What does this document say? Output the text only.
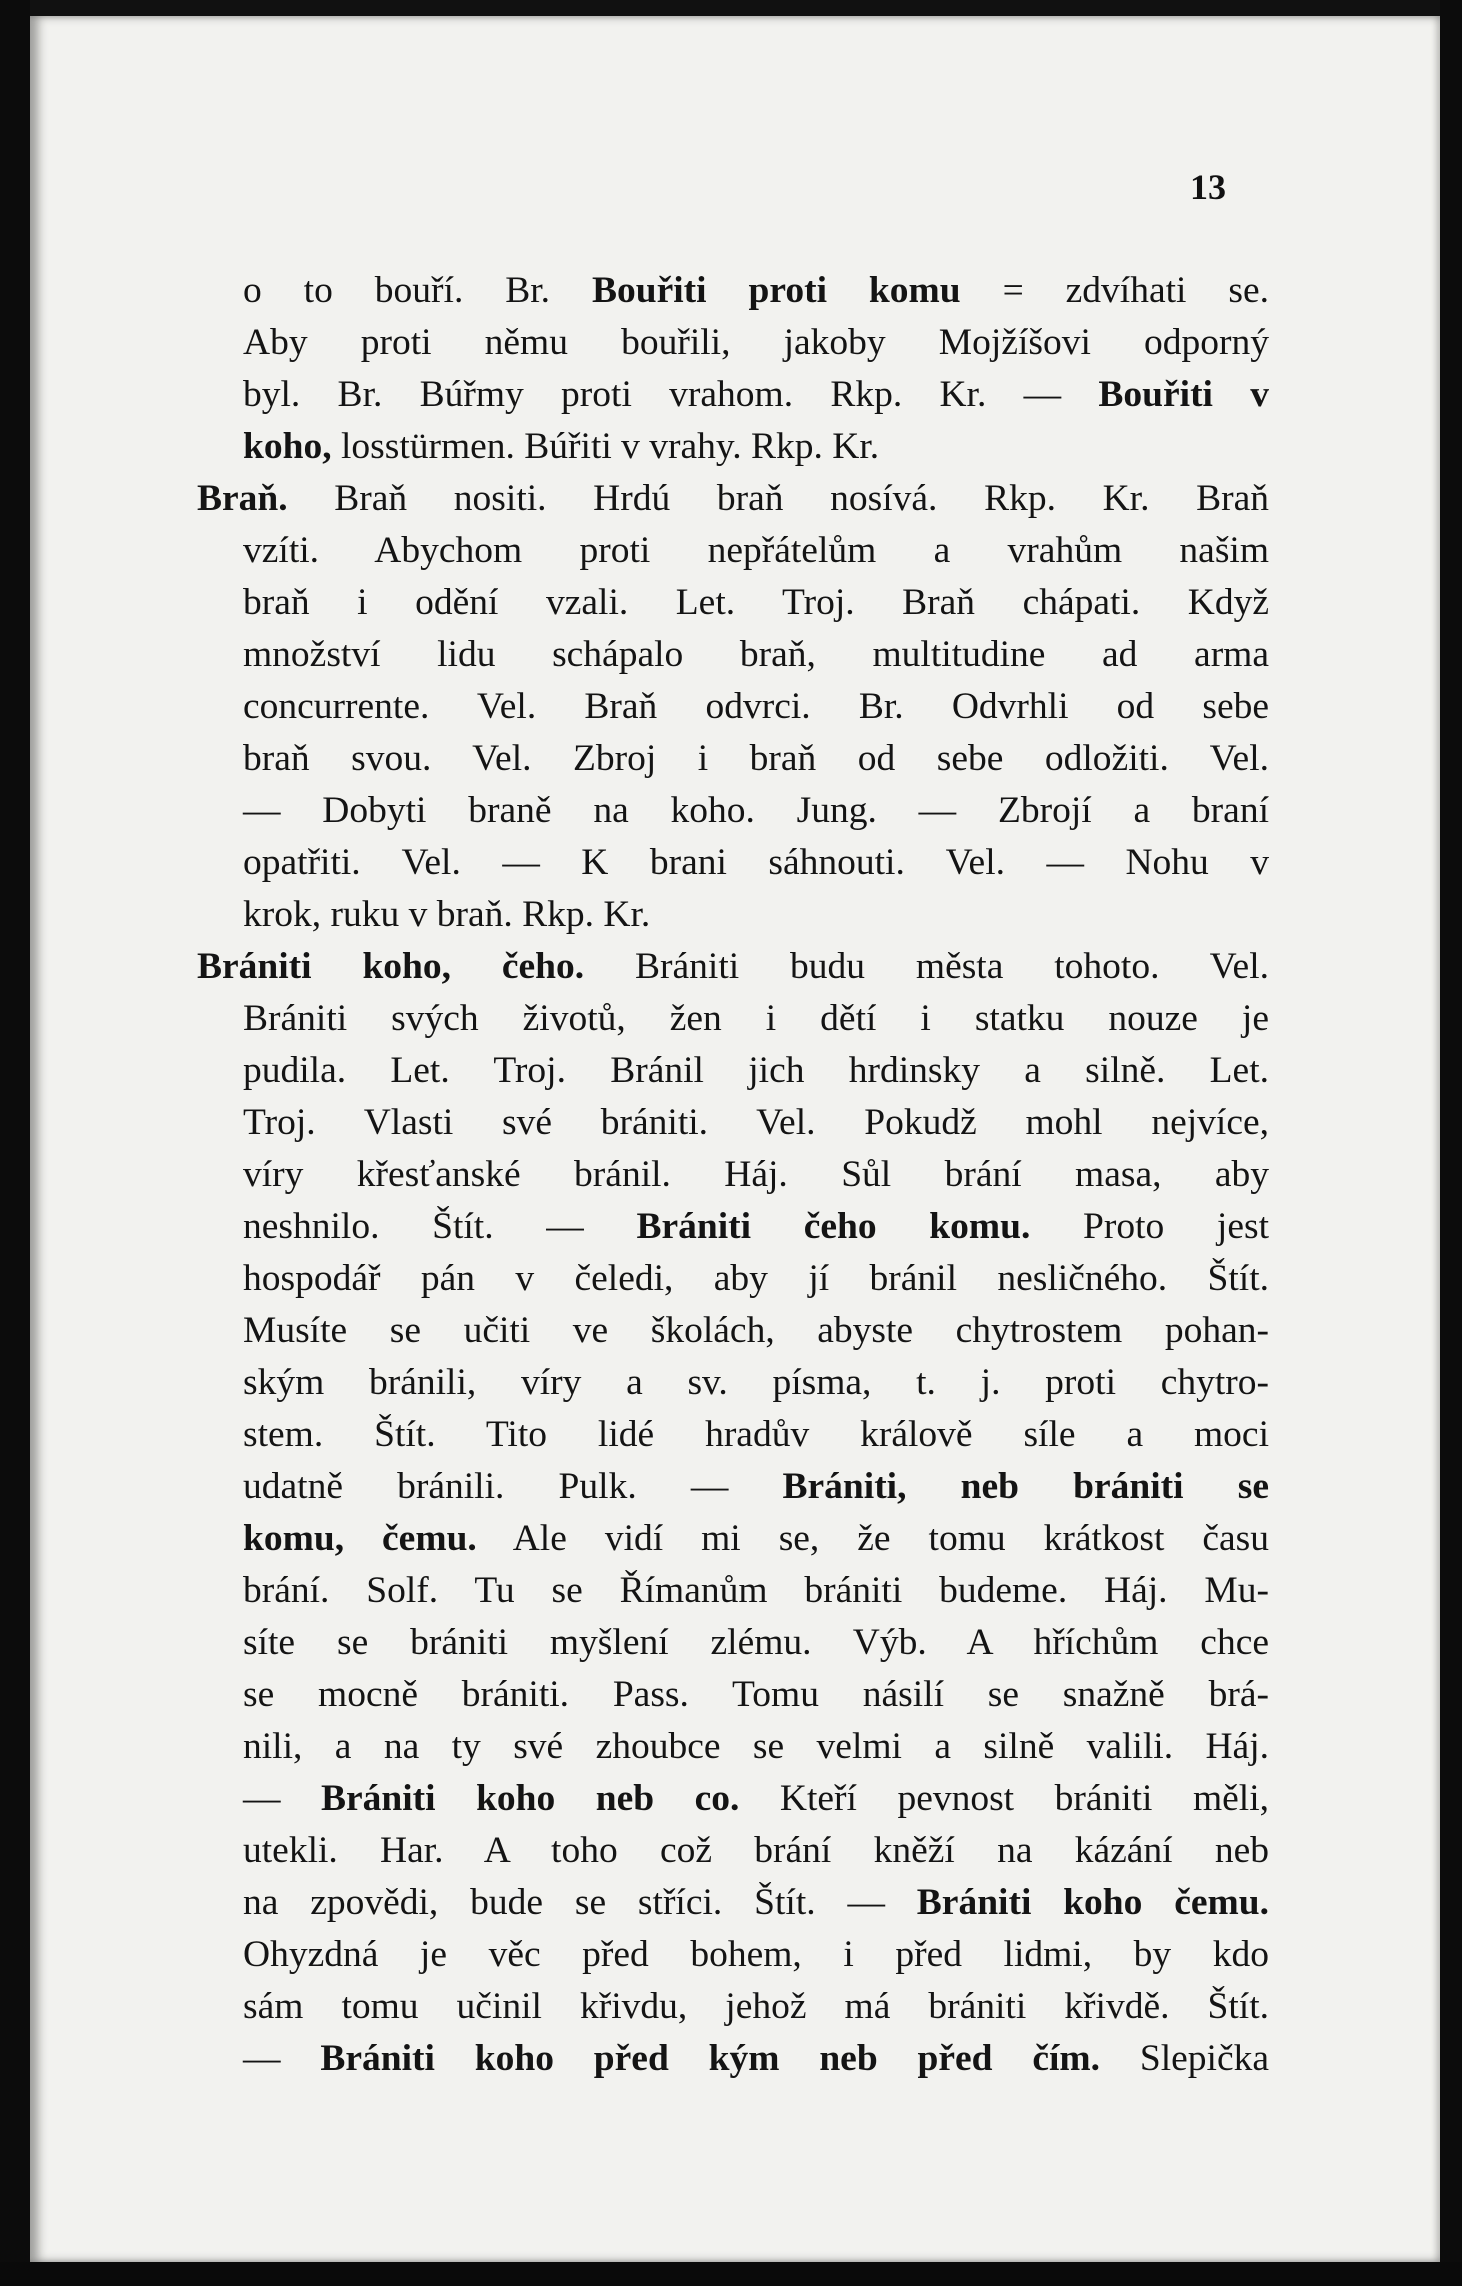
13
o to bouří. Br. Bouřiti proti komu = zdvíhati se.
Aby proti němu bouřili, jakoby Mojžíšovi odporný
byl. Br. Búřmy proti vrahom. Rkp. Kr. — Bouřiti v
koho, losstürmen. Búřiti v vrahy. Rkp. Kr.
Braň. Braň nositi. Hrdú braň nosívá. Rkp. Kr. Braň
vzíti. Abychom proti nepřátelům a vrahům našim
braň i odění vzali. Let. Troj. Braň chápati. Když
množství lidu schápalo braň, multitudine ad arma
concurrente. Vel. Braň odvrci. Br. Odvrhli od sebe
braň svou. Vel. Zbroj i braň od sebe odložiti. Vel.
— Dobyti braně na koho. Jung. — Zbrojí a braní
opatřiti. Vel. — K brani sáhnouti. Vel. — Nohu v
krok, ruku v braň. Rkp. Kr.
Brániti koho, čeho. Brániti budu města tohoto. Vel.
Brániti svých životů, žen i dětí i statku nouze je
pudila. Let. Troj. Bránil jich hrdinsky a silně. Let.
Troj. Vlasti své brániti. Vel. Pokudž mohl nejvíce,
víry křesťanské bránil. Háj. Sůl brání masa, aby
neshnilo. Štít. — Brániti čeho komu. Proto jest
hospodář pán v čeledi, aby jí bránil nesličného. Štít.
Musíte se učiti ve školách, abyste chytrostem pohan-
ským bránili, víry a sv. písma, t. j. proti chytro-
stem. Štít. Tito lidé hradův králově síle a moci
udatně bránili. Pulk. — Brániti, neb brániti se
komu, čemu. Ale vidí mi se, že tomu krátkost času
brání. Solf. Tu se Římanům brániti budeme. Háj. Mu-
síte se brániti myšlení zlému. Výb. A hříchům chce
se mocně brániti. Pass. Tomu násilí se snažně brá-
nili, a na ty své zhoubce se velmi a silně valili. Háj.
— Brániti koho neb co. Kteří pevnost brániti měli,
utekli. Har. A toho což brání kněží na kázání neb
na zpovědi, bude se stříci. Štít. — Brániti koho čemu.
Ohyzdná je věc před bohem, i před lidmi, by kdo
sám tomu učinil křivdu, jehož má brániti křivdě. Štít.
— Brániti koho před kým neb před čím. Slepička
